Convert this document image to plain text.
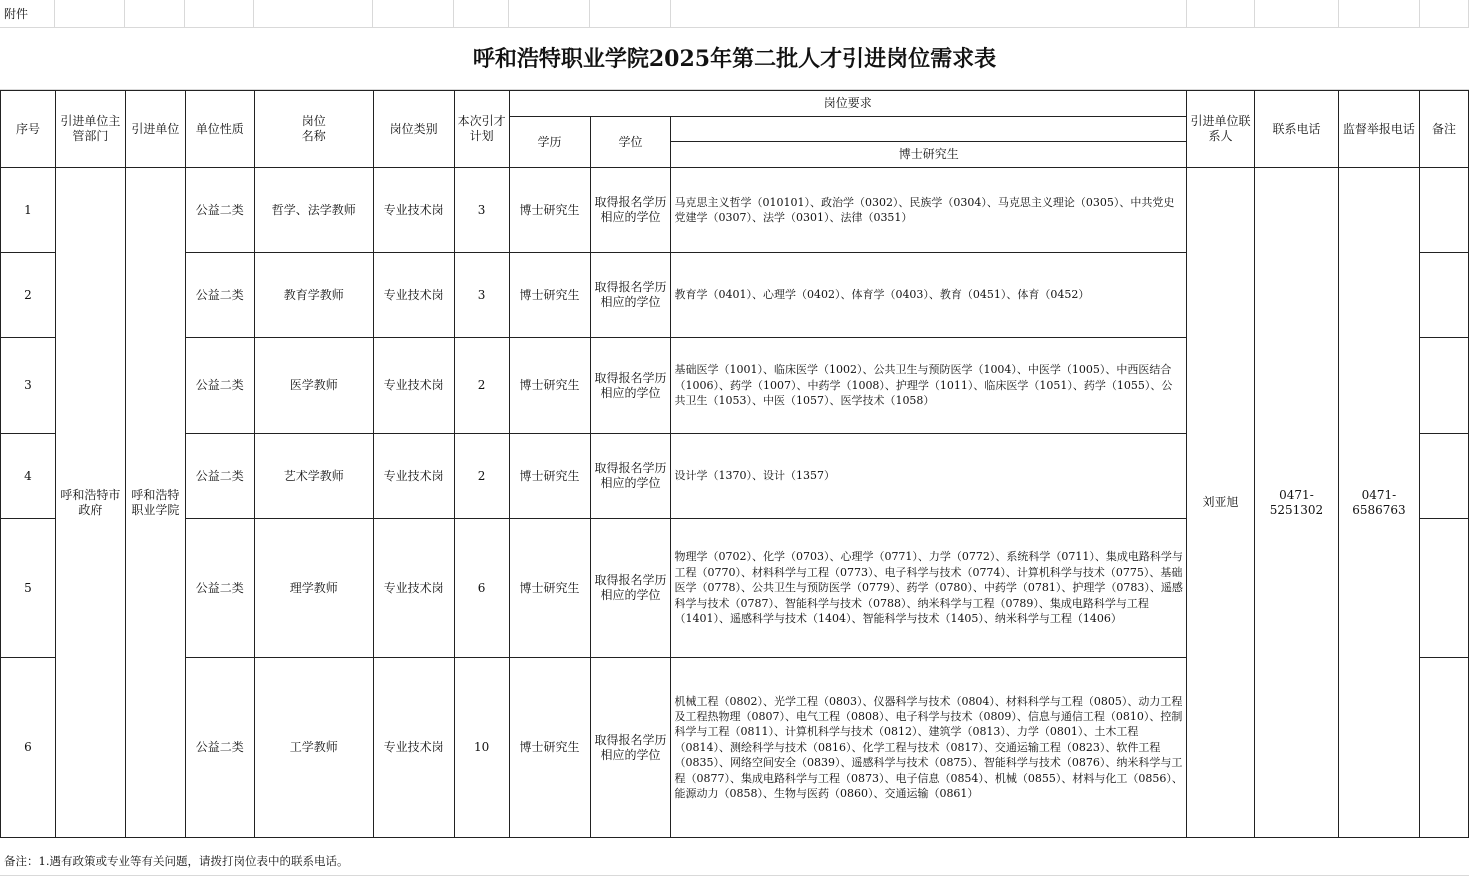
附件
呼和浩特职业学院2025年第二批人才引进岗位需求表
序号	引进单位主管部门	引进单位	单位性质	岗位
名称	岗位类别	本次引才计划	岗位要求			引进单位联系人	联系电话	监督举报电话	备注
							学历	学位					
									博士研究生				
1	呼和浩特市政府	呼和浩特职业学院	公益二类	哲学、法学教师	专业技术岗	3	博士研究生	取得报名学历相应的学位	马克思主义哲学（010101）、政治学（0302）、民族学（0304）、马克思主义理论（0305）、中共党史党建学（0307）、法学（0301）、法律（0351）	刘亚旭	0471-5251302	0471-6586763	
2			公益二类	教育学教师	专业技术岗	3	博士研究生	取得报名学历相应的学位	教育学（0401）、心理学（0402）、体育学（0403）、教育（0451）、体育（0452）				
3			公益二类	医学教师	专业技术岗	2	博士研究生	取得报名学历相应的学位	基础医学（1001）、临床医学（1002）、公共卫生与预防医学（1004）、中医学（1005）、中西医结合（1006）、药学（1007）、中药学（1008）、护理学（1011）、临床医学（1051）、药学（1055）、公共卫生（1053）、中医（1057）、医学技术（1058）				
4			公益二类	艺术学教师	专业技术岗	2	博士研究生	取得报名学历相应的学位	设计学（1370）、设计（1357）				
5			公益二类	理学教师	专业技术岗	6	博士研究生	取得报名学历相应的学位	物理学（0702）、化学（0703）、心理学（0771）、力学（0772）、系统科学（0711）、集成电路科学与工程（0770）、材料科学与工程（0773）、电子科学与技术（0774）、计算机科学与技术（0775）、基础医学（0778）、公共卫生与预防医学（0779）、药学（0780）、中药学（0781）、护理学（0783）、遥感科学与技术（0787）、智能科学与技术（0788）、纳米科学与工程（0789）、集成电路科学与工程（1401）、遥感科学与技术（1404）、智能科学与技术（1405）、纳米科学与工程（1406）				
6			公益二类	工学教师	专业技术岗	10	博士研究生	取得报名学历相应的学位	机械工程（0802）、光学工程（0803）、仪器科学与技术（0804）、材料科学与工程（0805）、动力工程及工程热物理（0807）、电气工程（0808）、电子科学与技术（0809）、信息与通信工程（0810）、控制科学与工程（0811）、计算机科学与技术（0812）、建筑学（0813）、力学（0801）、土木工程（0814）、测绘科学与技术（0816）、化学工程与技术（0817）、交通运输工程（0823）、软件工程（0835）、网络空间安全（0839）、遥感科学与技术（0875）、智能科学与技术（0876）、纳米科学与工程（0877）、集成电路科学与工程（0873）、电子信息（0854）、机械（0855）、材料与化工（0856）、能源动力（0858）、生物与医药（0860）、交通运输（0861）				
备注：1.遇有政策或专业等有关问题，请拨打岗位表中的联系电话。
